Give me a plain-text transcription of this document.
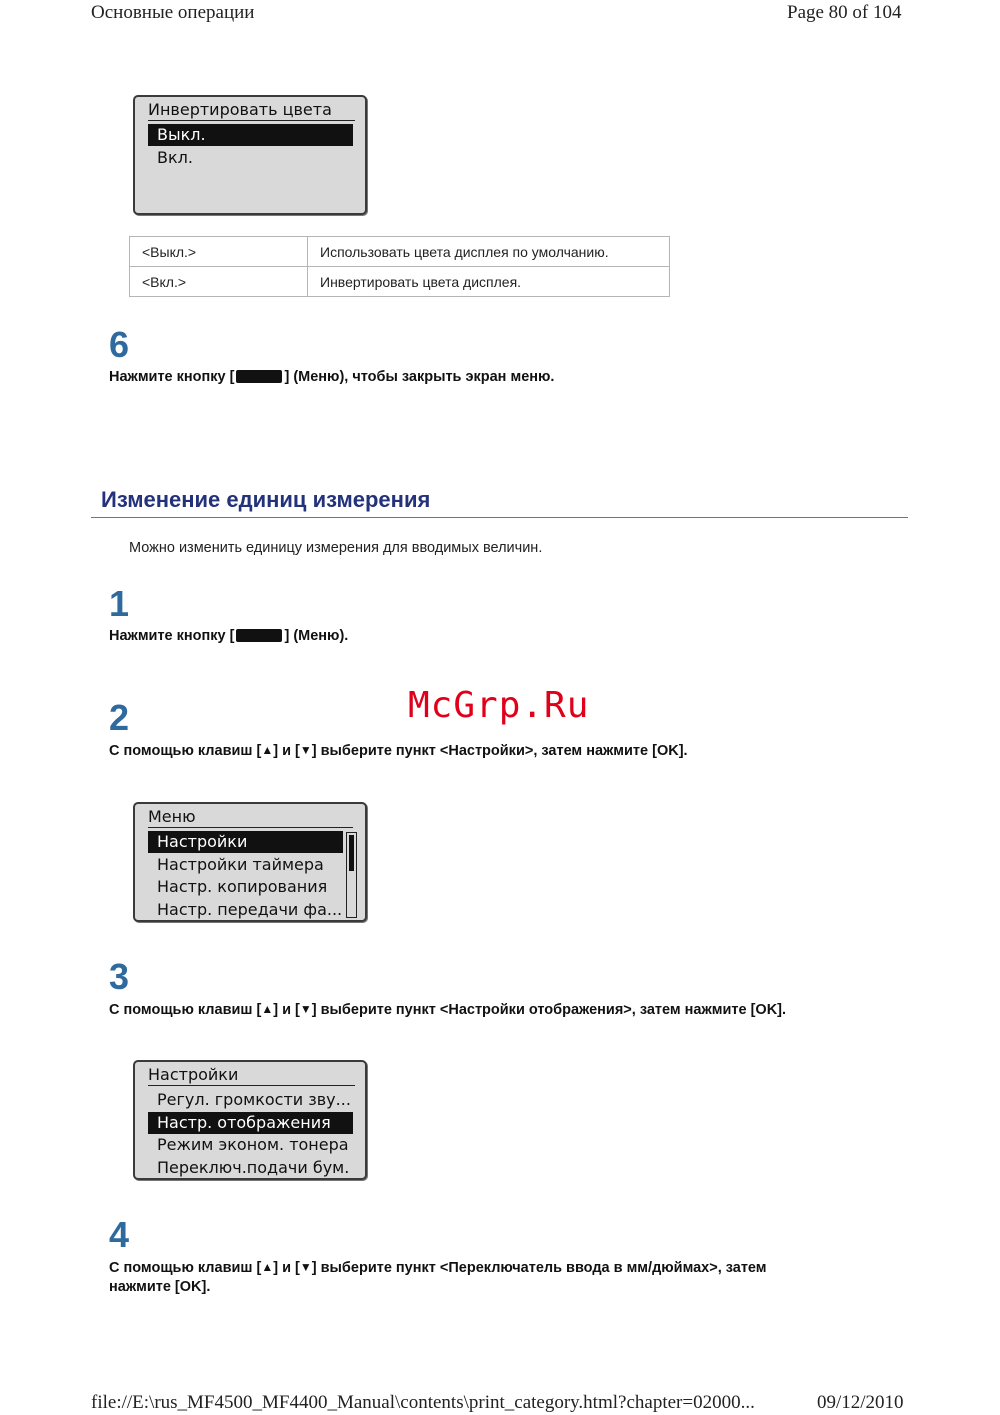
Основные операции	Page 80 of 104
Инвертировать цвета
Выкл.
Вкл.
<Выкл.>	Использовать цвета дисплея по умолчанию.
<Вкл.>	Инвертировать цвета дисплея.
6
Нажмите кнопку [	] (Меню), чтобы закрыть экран меню.
Изменение единиц измерения
Можно изменить единицу измерения для вводимых величин.
1
Нажмите кнопку [	] (Меню).
McGrp.Ru
2
С помощью клавиш [▲] и [▼] выберите пункт <Настройки>, затем нажмите [OK].
Меню
Настройки
Настройки таймера
Настр. копирования
Настр. передачи фа...
3
С помощью клавиш [▲] и [▼] выберите пункт <Настройки отображения>, затем нажмите [OK].
Настройки
Регул. громкости зву...
Настр. отображения
Режим эконом. тонера
Переключ.подачи бум.
4
С помощью клавиш [▲] и [▼] выберите пункт <Переключатель ввода в мм/дюймах>, затем
нажмите [OK].
file://E:\rus_MF4500_MF4400_Manual\contents\print_category.html?chapter=02000...	09/12/2010
